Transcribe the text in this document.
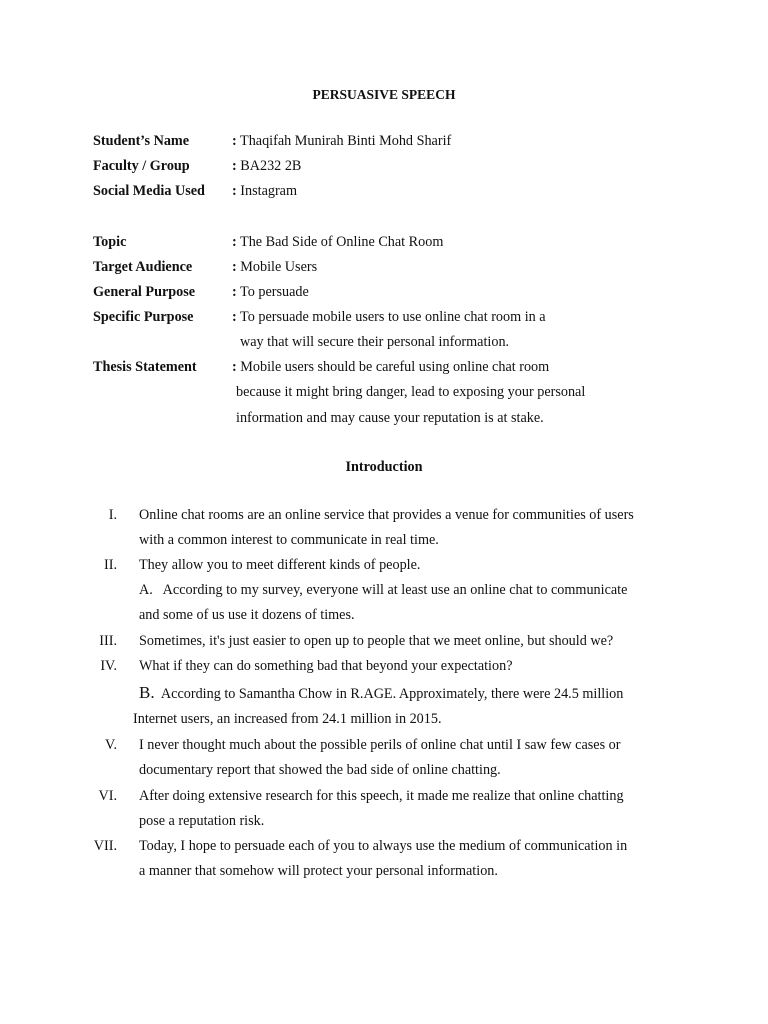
PERSUASIVE SPEECH
Student’s Name	: Thaqifah Munirah Binti Mohd Sharif
Faculty / Group	: BA232 2B
Social Media Used : Instagram
Topic	: The Bad Side of Online Chat Room
Target Audience	: Mobile Users
General Purpose	: To persuade
Specific Purpose	: To persuade mobile users to use online chat room in a
way that will secure their personal information.
Thesis Statement : Mobile users should be careful using online chat room
because it might bring danger, lead to exposing your personal
information and may cause your reputation is at stake.
Introduction
I. Online chat rooms are an online service that provides a venue for communities of users
with a common interest to communicate in real time.
II. They allow you to meet different kinds of people.
A. According to my survey, everyone will at least use an online chat to communicate
and some of us use it dozens of times.
III. Sometimes, it's just easier to open up to people that we meet online, but should we?
IV. What if they can do something bad that beyond your expectation?
B. According to Samantha Chow in R.AGE. Approximately, there were 24.5 million
Internet users, an increased from 24.1 million in 2015.
V. I never thought much about the possible perils of online chat until I saw few cases or
documentary report that showed the bad side of online chatting.
VI. After doing extensive research for this speech, it made me realize that online chatting
pose a reputation risk.
VII. Today, I hope to persuade each of you to always use the medium of communication in
a manner that somehow will protect your personal information.
